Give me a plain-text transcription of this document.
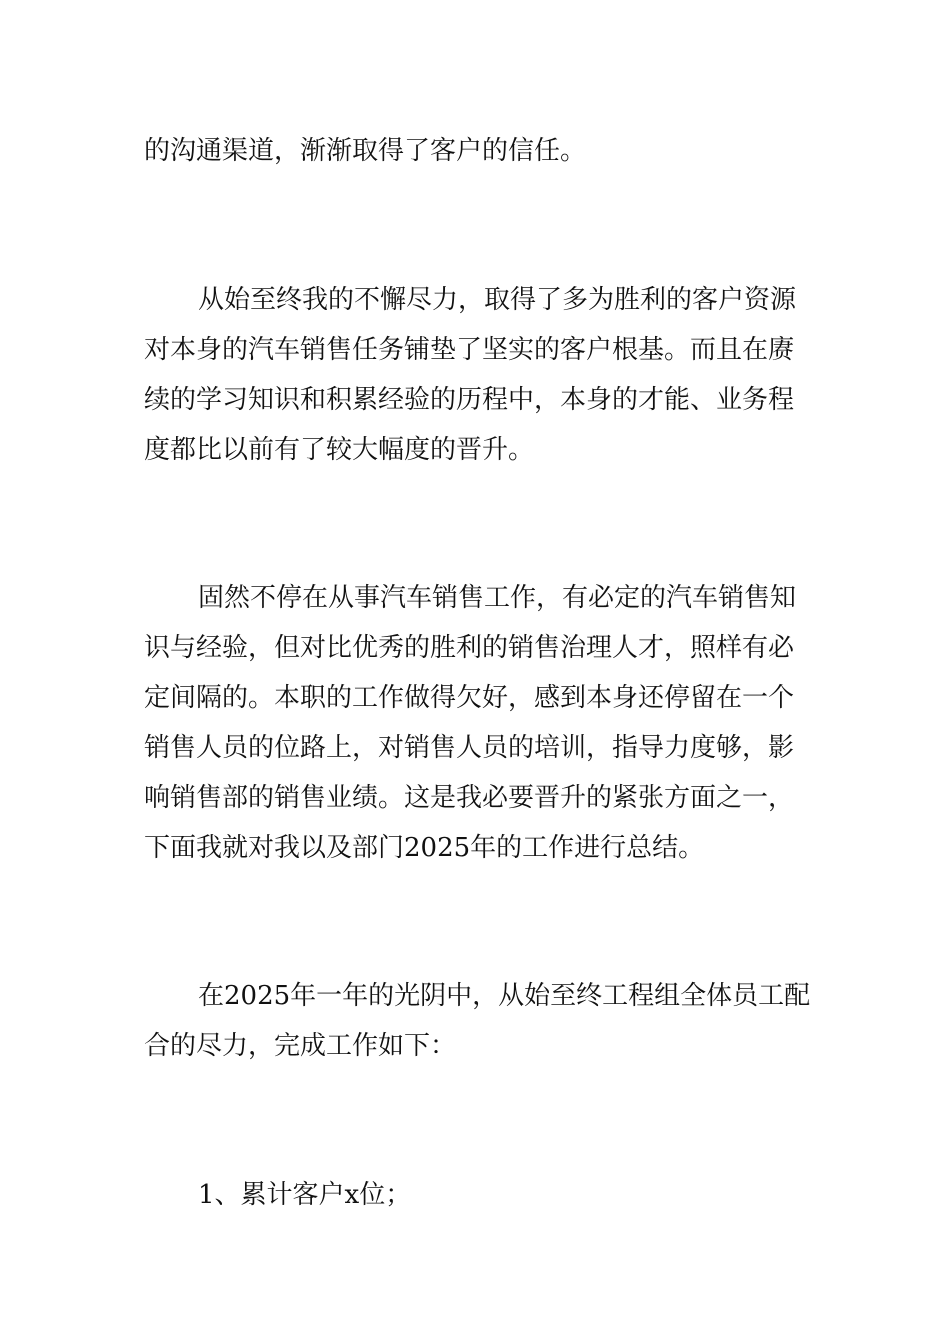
的沟通渠道，渐渐取得了客户的信任。
从始至终我的不懈尽力，取得了多为胜利的客户资源
对本身的汽车销售任务铺垫了坚实的客户根基。而且在赓
续的学习知识和积累经验的历程中，本身的才能、业务程
度都比以前有了较大幅度的晋升。
固然不停在从事汽车销售工作，有必定的汽车销售知
识与经验，但对比优秀的胜利的销售治理人才，照样有必
定间隔的。本职的工作做得欠好，感到本身还停留在一个
销售人员的位路上，对销售人员的培训，指导力度够，影
响销售部的销售业绩。这是我必要晋升的紧张方面之一，
下面我就对我以及部门2025年的工作进行总结。
在2025年一年的光阴中，从始至终工程组全体员工配
合的尽力，完成工作如下：
1、累计客户x位；
